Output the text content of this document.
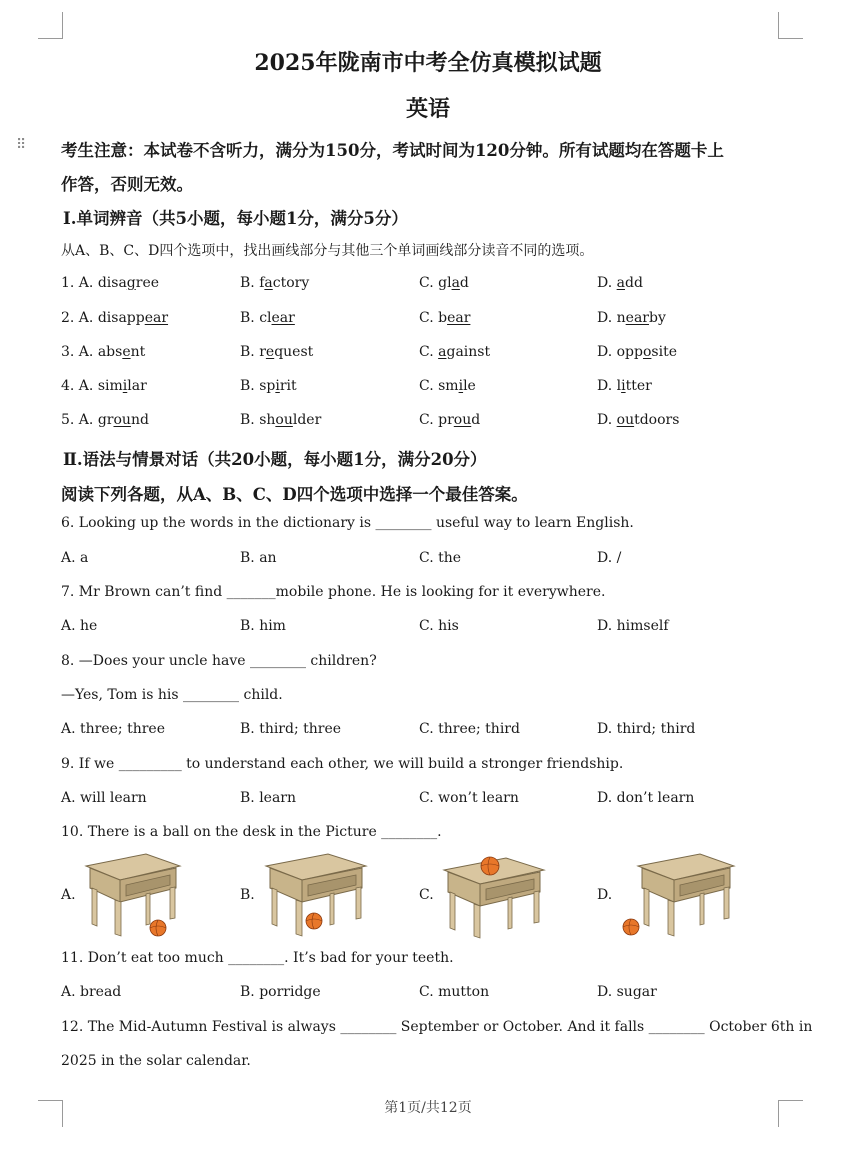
⠿
2025年陇南市中考全仿真模拟试题
英语
考生注意：本试卷不含听力，满分为150分，考试时间为120分钟。所有试题均在答题卡上
作答，否则无效。
Ⅰ.单词辨音（共5小题，每小题1分，满分5分）
从A、B、C、D四个选项中，找出画线部分与其他三个单词画线部分读音不同的选项。
1. A. disagree	B. factory	C. glad	D. add
2. A. disappear	B. clear	C. bear	D. nearby
3. A. absent	B. request	C. against	D. opposite
4. A. similar	B. spirit	C. smile	D. litter
5. A. ground	B. shoulder	C. proud	D. outdoors
Ⅱ.语法与情景对话（共20小题，每小题1分，满分20分）
阅读下列各题，从A、B、C、D四个选项中选择一个最佳答案。
6. Looking up the words in the dictionary is ________ useful way to learn English.
A. a	B. an	C. the	D. /
7. Mr Brown can’t find _______mobile phone. He is looking for it everywhere.
A. he	B. him	C. his	D. himself
8. —Does your uncle have ________ children?
—Yes, Tom is his ________ child.
A. three; three	B. third; three	C. three; third	D. third; third
9. If we _________ to understand each other, we will build a stronger friendship.
A. will learn	B. learn	C. won’t learn	D. don’t learn
10. There is a ball on the desk in the Picture ________.
A.	B.	C.	D.
11. Don’t eat too much ________. It’s bad for your teeth.
A. bread	B. porridge	C. mutton	D. sugar
12. The Mid-Autumn Festival is always ________ September or October. And it falls ________ October 6th in
2025 in the solar calendar.
第1页/共12页
